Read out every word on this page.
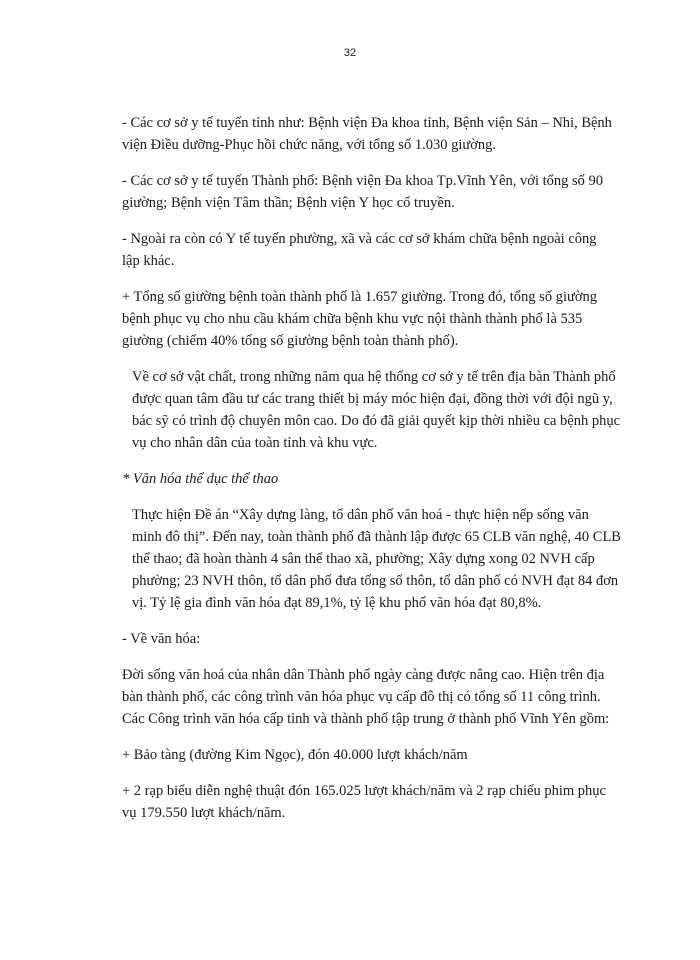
32

- Các cơ sở y tế tuyến tỉnh như: Bệnh viện Đa khoa tỉnh, Bệnh viện Sản – Nhi, Bệnh
viện Điều dưỡng-Phục hồi chức năng, với tổng số 1.030 giường.

- Các cơ sở y tế tuyến Thành phố: Bệnh viện Đa khoa Tp.Vĩnh Yên, với tổng số 90
giường; Bệnh viện Tâm thần; Bệnh viện Y học cổ truyền.

- Ngoài ra còn có Y tế tuyến phường, xã và các cơ sở khám chữa bệnh ngoài công
lập khác.

+ Tổng số giường bệnh toàn thành phố là 1.657 giường. Trong đó, tổng số giường
bệnh phục vụ cho nhu cầu khám chữa bệnh khu vực nội thành thành phố là 535
giường (chiếm 40% tổng số giường bệnh toàn thành phố).

Về cơ sở vật chất, trong những năm qua hệ thống cơ sở y tế trên địa bàn Thành phố
được quan tâm đầu tư các trang thiết bị máy móc hiện đại, đồng thời với đội ngũ y,
bác sỹ có trình độ chuyên môn cao. Do đó đã giải quyết kịp thời nhiều ca bệnh phục
vụ cho nhân dân của toàn tỉnh và khu vực.

* Văn hóa thể dục thể thao

Thực hiện Đề án “Xây dựng làng, tổ dân phố văn hoá - thực hiện nếp sống văn
minh đô thị”. Đến nay, toàn thành phố đã thành lập được 65 CLB văn nghệ, 40 CLB
thể thao; đã hoàn thành 4 sân thể thao xã, phường; Xây dựng xong 02 NVH cấp
phường; 23 NVH thôn, tổ dân phố đưa tổng số thôn, tổ dân phố có NVH đạt 84 đơn
vị. Tỷ lệ gia đình văn hóa đạt 89,1%, tỷ lệ khu phố văn hóa đạt 80,8%.

- Về văn hóa:

Đời sống văn hoá của nhân dân Thành phố ngày càng được nâng cao. Hiện trên địa
bàn thành phố, các công trình văn hóa phục vụ cấp đô thị có tổng số 11 công trình.
Các Công trình văn hóa cấp tỉnh và thành phố tập trung ở thành phố Vĩnh Yên gồm:

+ Bảo tàng (đường Kim Ngọc), đón 40.000 lượt khách/năm

+ 2 rạp biểu diễn nghệ thuật đón 165.025 lượt khách/năm và 2 rạp chiếu phim phục
vụ 179.550 lượt khách/năm.
